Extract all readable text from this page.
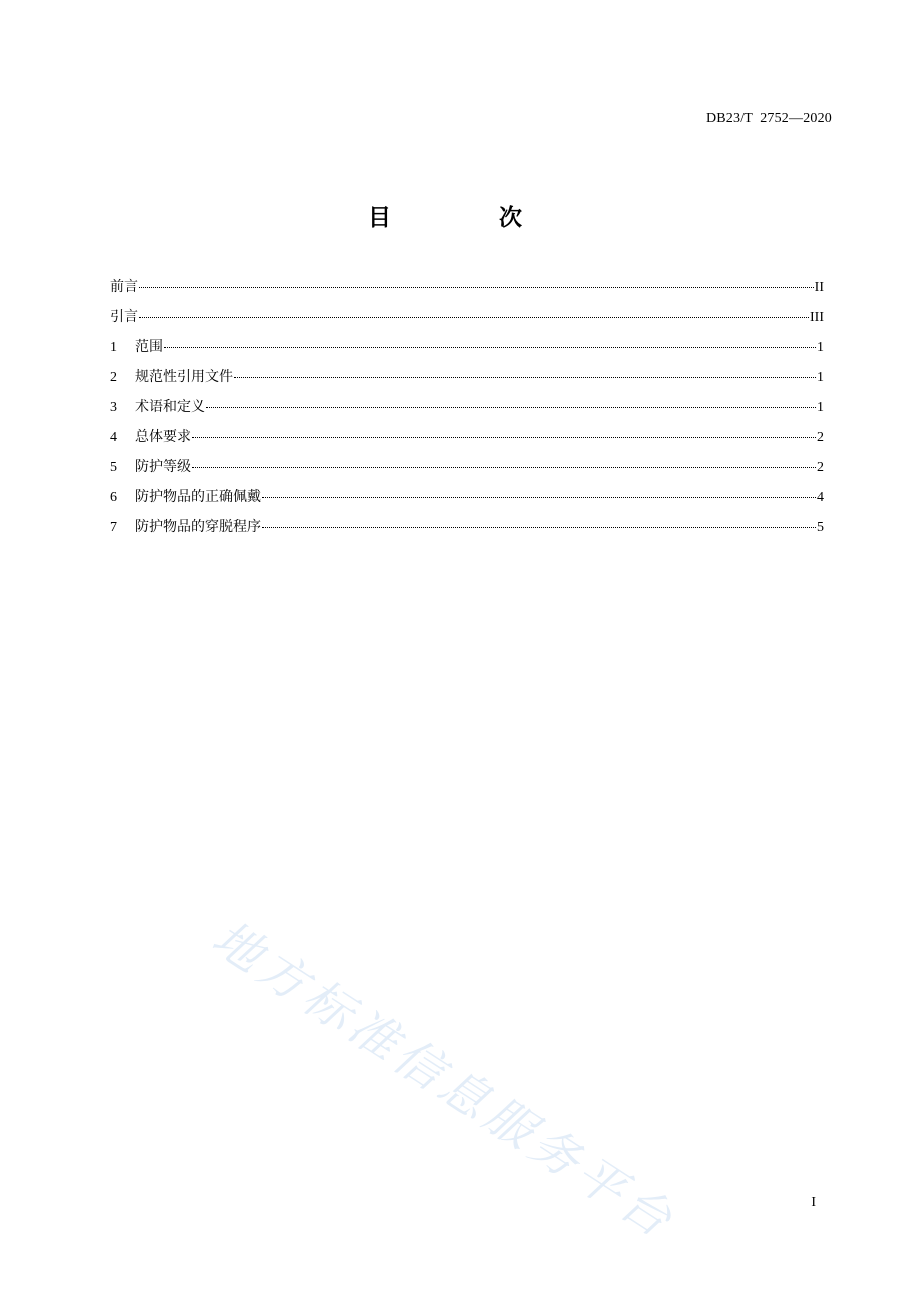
DB23/T  2752—2020
目 次
前言	II
引言	III
1	范围	1
2	规范性引用文件	1
3	术语和定义	1
4	总体要求	2
5	防护等级	2
6	防护物品的正确佩戴	4
7	防护物品的穿脱程序	5
地方标准信息服务平台	I
